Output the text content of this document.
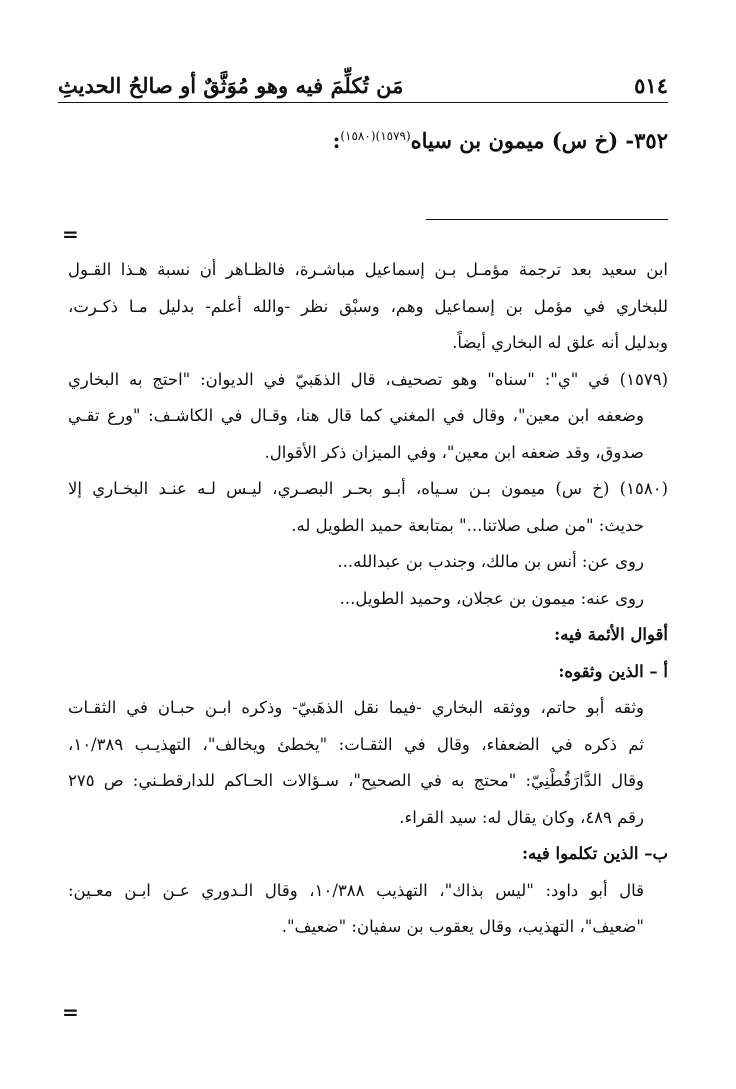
٥١٤
مَن تُكلِّمَ فيه وهو مُوَثَّقٌ أو صالحُ الحديثِ
٣٥٢- (خ س) ميمون بن سياه$^{(١٥٧٩)(١٥٨٠)}$:
=
ابن سعيد بعد ترجمة مؤمـل بـن إسماعيل مباشـرة، فالظـاهر أن نسبة هـذا القـول
للبخاري في مؤمل بن إسماعيل وهم، وسبْق نظر -والله أعلم- بدليل مـا ذكـرت،
وبدليل أنه علق له البخاري أيضاً.
(١٥٧٩) في "ي": "سناه" وهو تصحيف، قال الذهَبيّ في الديوان: "احتج به البخاري
وضعفه ابن معين"، وقال في المغني كما قال هنا، وقـال في الكاشـف: "ورع تقـي
صدوق، وقد ضعفه ابن معين"، وفي الميزان ذكر الأقوال.
(١٥٨٠) (خ س) ميمون بـن سـياه، أبـو بحـر البصـري، ليـس لـه عنـد البخـاري إلا
حديث: "من صلى صلاتنا..." بمتابعة حميد الطويل له.
روى عن: أنس بن مالك، وجندب بن عبدالله...
روى عنه: ميمون بن عجلان، وحميد الطويل...
أقوال الأئمة فيه:
أ – الذين وثقوه:
وثقه أبو حاتم، ووثقه البخاري -فيما نقل الذهَبيّ- وذكره ابـن حبـان في الثقـات
ثم ذكره في الضعفاء، وقال في الثقـات: "يخطئ ويخالف"، التهذيـب ١٠/٣٨٩،
وقال الدَّارَقُطْنِيّ: "محتج به في الصحيح"، سـؤالات الحـاكم للدارقطـني: ص ٢٧٥
رقم ٤٨٩، وكان يقال له: سيد القراء.
ب– الذين تكلموا فيه:
قال أبو داود: "ليس بذاك"، التهذيب ١٠/٣٨٨، وقال الـدوري عـن ابـن معـين:
"ضعيف"، التهذيب، وقال يعقوب بن سفيان: "ضعيف".
=
